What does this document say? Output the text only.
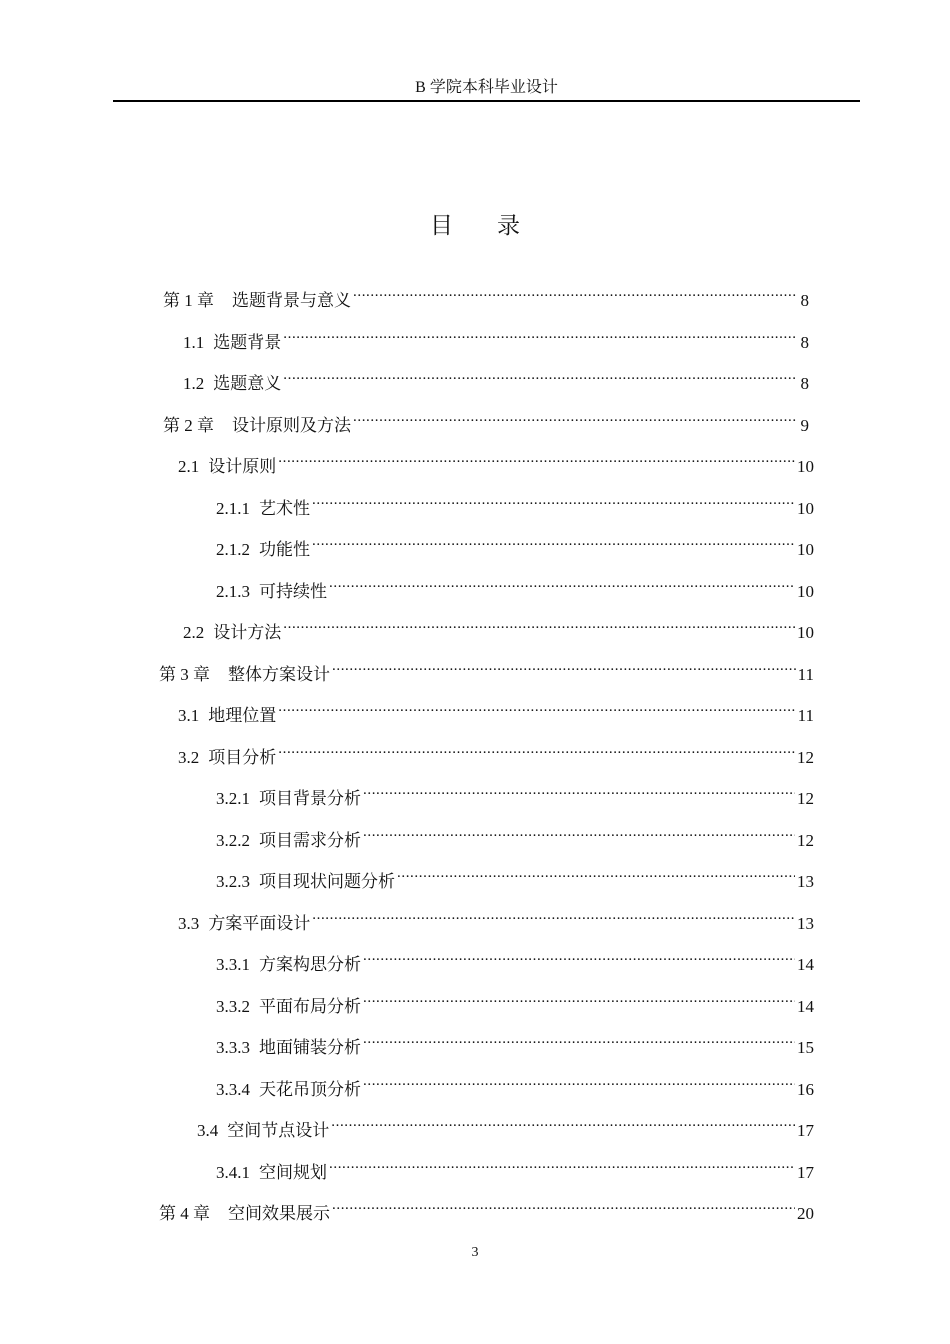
B 学院本科毕业设计
目录
第 1 章 选题背景与意义 .....	8
1.1 选题背景 .....	8
1.2 选题意义 .....	8
第 2 章 设计原则及方法 .....	9
2.1 设计原则 .....	10
2.1.1 艺术性 .....	10
2.1.2 功能性 .....	10
2.1.3 可持续性 .....	10
2.2 设计方法 .....	10
第 3 章 整体方案设计 .....	11
3.1 地理位置 .....	11
3.2 项目分析 .....	12
3.2.1 项目背景分析 .....	12
3.2.2 项目需求分析 .....	12
3.2.3 项目现状问题分析 .....	13
3.3 方案平面设计 .....	13
3.3.1 方案构思分析 .....	14
3.3.2 平面布局分析 .....	14
3.3.3 地面铺装分析 .....	15
3.3.4 天花吊顶分析 .....	16
3.4 空间节点设计 .....	17
3.4.1 空间规划 .....	17
第 4 章 空间效果展示 .....	20
3
